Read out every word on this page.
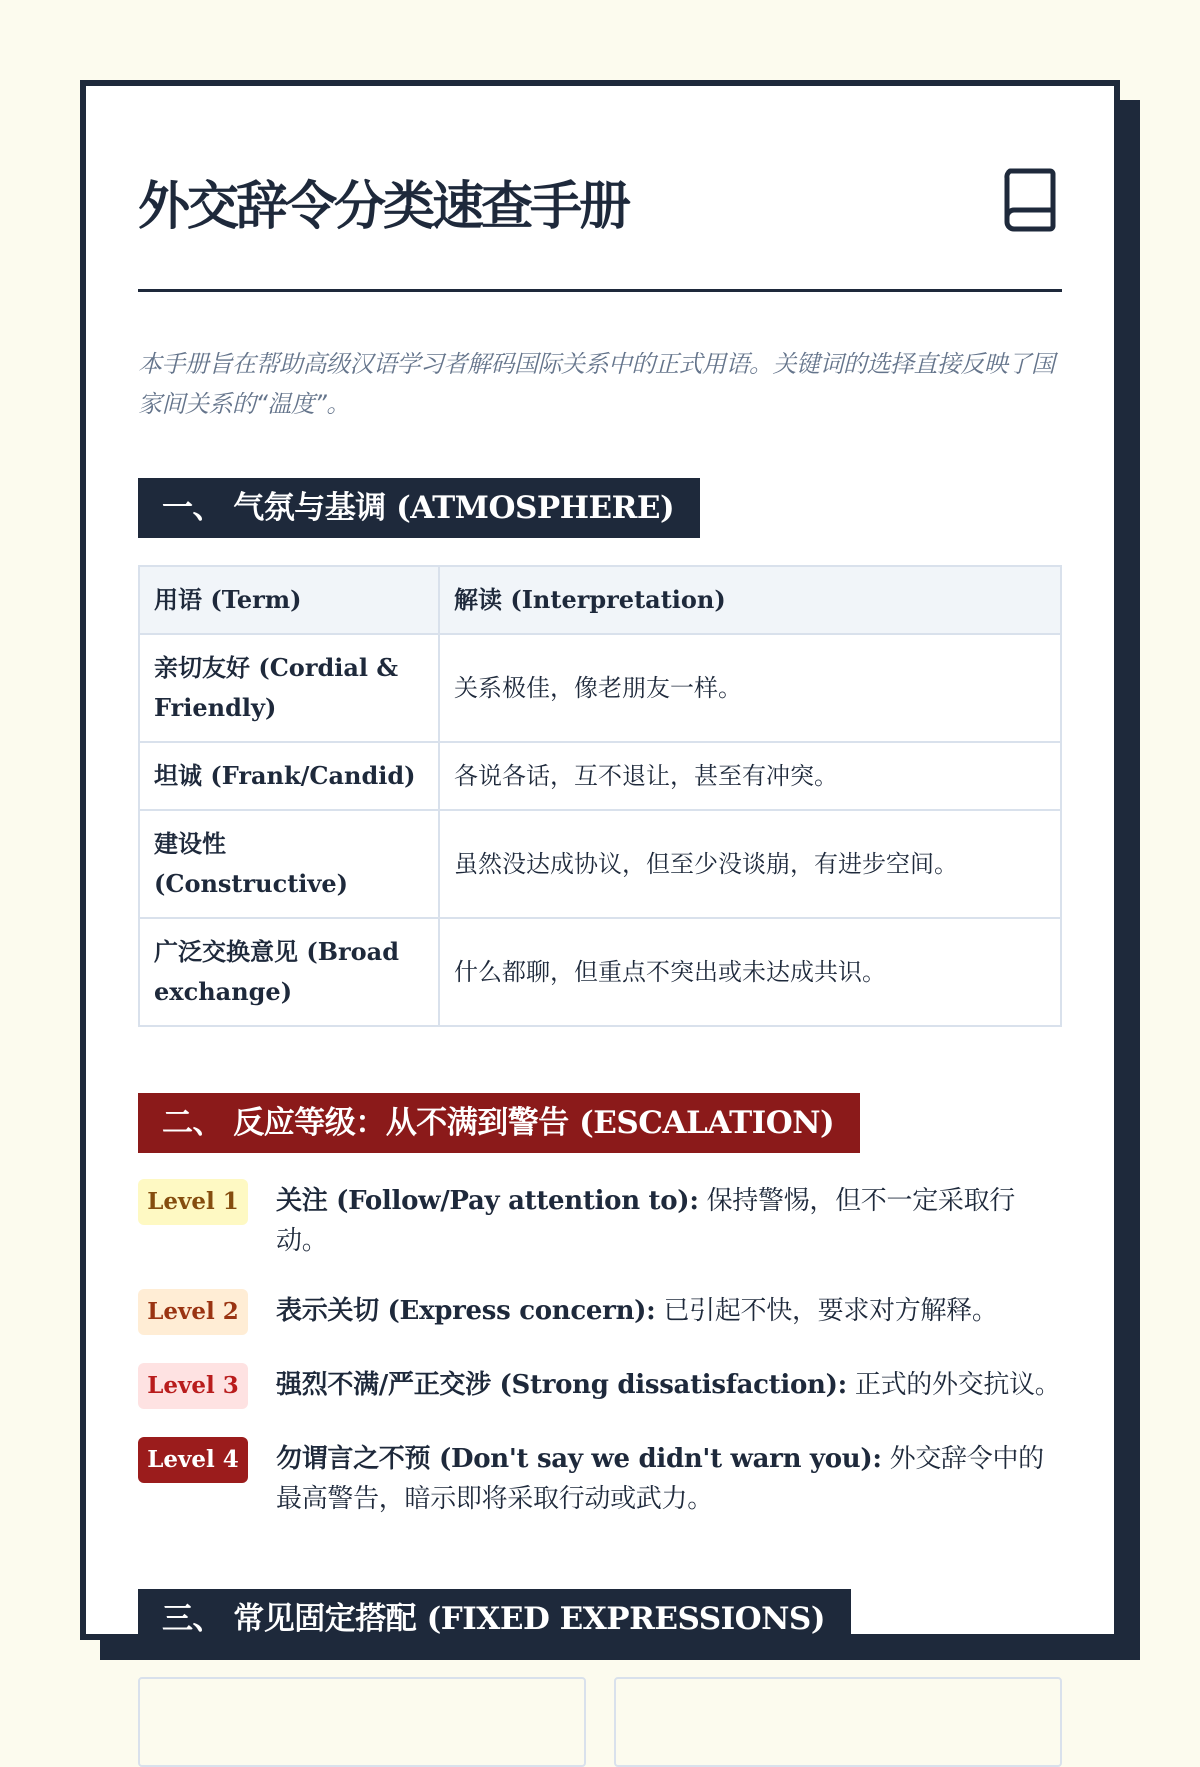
外交辞令分类速查手册

本手册旨在帮助高级汉语学习者解码国际关系中的正式用语。关键词的选择直接反映了国家间关系的“温度”。

一、 气氛与基调 (ATMOSPHERE)
用语 (Term)	解读 (Interpretation)
亲切友好 (Cordial & Friendly)	关系极佳，像老朋友一样。
坦诚 (Frank/Candid)	各说各话，互不退让，甚至有冲突。
建设性 (Constructive)	虽然没达成协议，但至少没谈崩，有进步空间。
广泛交换意见 (Broad exchange)	什么都聊，但重点不突出或未达成共识。
二、 反应等级：从不满到警告 (ESCALATION)
Level 1	关注 (Follow/Pay attention to): 保持警惕，但不一定采取行动。
Level 2	表示关切 (Express concern): 已引起不快，要求对方解释。
Level 3	强烈不满/严正交涉 (Strong dissatisfaction): 正式的外交抗议。
Level 4	勿谓言之不预 (Don't say we didn't warn you): 外交辞令中的最高警告，暗示即将采取行动或武力。
三、 常见固定搭配 (FIXED EXPRESSIONS)
